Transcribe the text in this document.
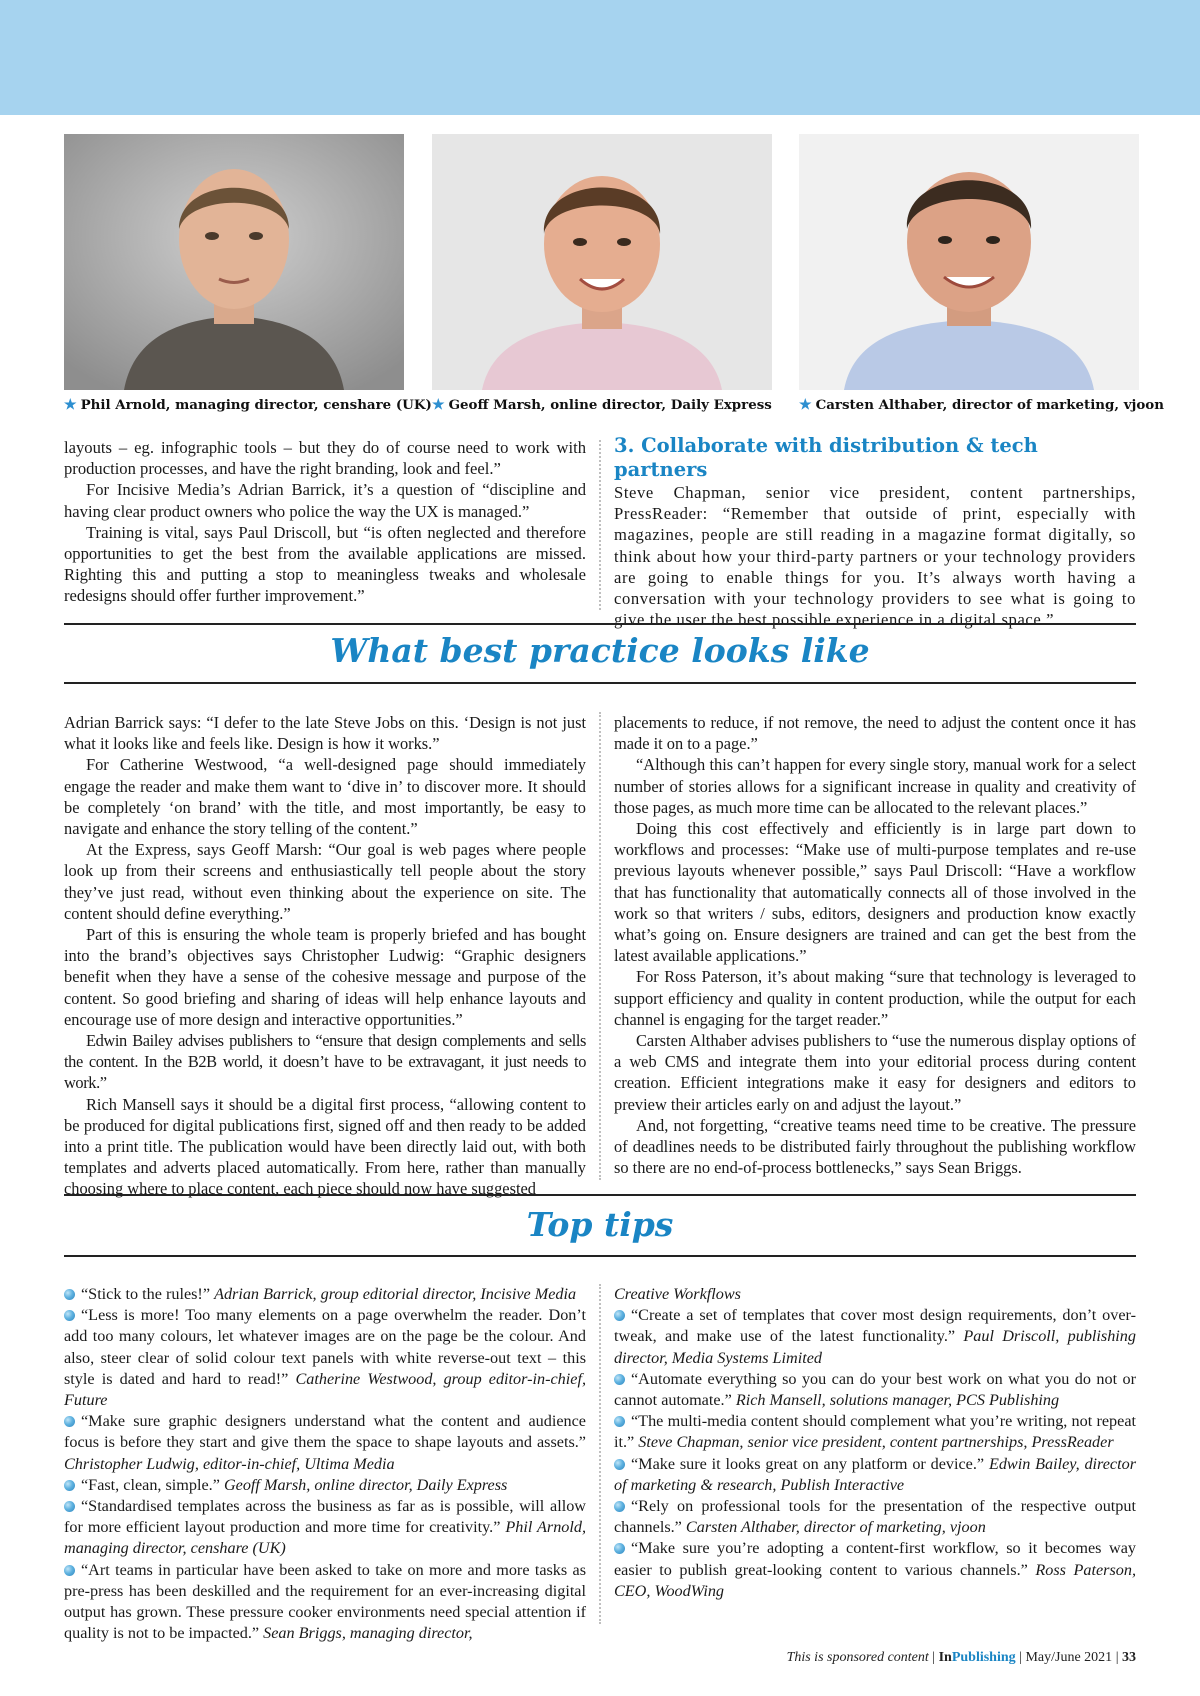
★ Phil Arnold, managing director, censhare (UK) ★ Geoff Marsh, online director, Daily Express ★ Carsten Althaber, director of marketing, vjoon

layouts – eg. infographic tools – but they do of course need to work with production processes, and have the right branding, look and feel.”

For Incisive Media’s Adrian Barrick, it’s a question of “discipline and having clear product owners who police the way the UX is managed.”

Training is vital, says Paul Driscoll, but “is often neglected and therefore opportunities to get the best from the available applications are missed. Righting this and putting a stop to meaningless tweaks and wholesale redesigns should offer further improvement.”

3. Collaborate with distribution & tech partners

Steve Chapman, senior vice president, content partnerships, PressReader: “Remember that outside of print, especially with magazines, people are still reading in a magazine format digitally, so think about how your third-party partners or your technology providers are going to enable things for you. It’s always worth having a conversation with your technology providers to see what is going to give the user the best possible experience in a digital space.”

What best practice looks like

Adrian Barrick says: “I defer to the late Steve Jobs on this. ‘Design is not just what it looks like and feels like. Design is how it works.”

For Catherine Westwood, “a well-designed page should immediately engage the reader and make them want to ‘dive in’ to discover more. It should be completely ‘on brand’ with the title, and most importantly, be easy to navigate and enhance the story telling of the content.”

At the Express, says Geoff Marsh: “Our goal is web pages where people look up from their screens and enthusiastically tell people about the story they’ve just read, without even thinking about the experience on site. The content should define everything.”

Part of this is ensuring the whole team is properly briefed and has bought into the brand’s objectives says Christopher Ludwig: “Graphic designers benefit when they have a sense of the cohesive message and purpose of the content. So good briefing and sharing of ideas will help enhance layouts and encourage use of more design and interactive opportunities.”

Edwin Bailey advises publishers to “ensure that design complements and sells the content. In the B2B world, it doesn’t have to be extravagant, it just needs to work.”

Rich Mansell says it should be a digital first process, “allowing content to be produced for digital publications first, signed off and then ready to be added into a print title. The publication would have been directly laid out, with both templates and adverts placed automatically. From here, rather than manually choosing where to place content, each piece should now have suggested

placements to reduce, if not remove, the need to adjust the content once it has made it on to a page.”

“Although this can’t happen for every single story, manual work for a select number of stories allows for a significant increase in quality and creativity of those pages, as much more time can be allocated to the relevant places.”

Doing this cost effectively and efficiently is in large part down to workflows and processes: “Make use of multi-purpose templates and re-use previous layouts whenever possible,” says Paul Driscoll: “Have a workflow that has functionality that automatically connects all of those involved in the work so that writers / subs, editors, designers and production know exactly what’s going on. Ensure designers are trained and can get the best from the latest available applications.”

For Ross Paterson, it’s about making “sure that technology is leveraged to support efficiency and quality in content production, while the output for each channel is engaging for the target reader.”

Carsten Althaber advises publishers to “use the numerous display options of a web CMS and integrate them into your editorial process during content creation. Efficient integrations make it easy for designers and editors to preview their articles early on and adjust the layout.”

And, not forgetting, “creative teams need time to be creative. The pressure of deadlines needs to be distributed fairly throughout the publishing workflow so there are no end-of-process bottlenecks,” says Sean Briggs.

Top tips

“Stick to the rules!” Adrian Barrick, group editorial director, Incisive Media

“Less is more! Too many elements on a page overwhelm the reader. Don’t add too many colours, let whatever images are on the page be the colour. And also, steer clear of solid colour text panels with white reverse-out text – this style is dated and hard to read!” Catherine Westwood, group editor-in-chief, Future

“Make sure graphic designers understand what the content and audience focus is before they start and give them the space to shape layouts and assets.” Christopher Ludwig, editor-in-chief, Ultima Media

“Fast, clean, simple.” Geoff Marsh, online director, Daily Express

“Standardised templates across the business as far as is possible, will allow for more efficient layout production and more time for creativity.” Phil Arnold, managing director, censhare (UK)

“Art teams in particular have been asked to take on more and more tasks as pre-press has been deskilled and the requirement for an ever-increasing digital output has grown. These pressure cooker environments need special attention if quality is not to be impacted.” Sean Briggs, managing director,

Creative Workflows

“Create a set of templates that cover most design requirements, don’t over-tweak, and make use of the latest functionality.” Paul Driscoll, publishing director, Media Systems Limited

“Automate everything so you can do your best work on what you do not or cannot automate.” Rich Mansell, solutions manager, PCS Publishing

“The multi-media content should complement what you’re writing, not repeat it.” Steve Chapman, senior vice president, content partnerships, PressReader

“Make sure it looks great on any platform or device.” Edwin Bailey, director of marketing & research, Publish Interactive

“Rely on professional tools for the presentation of the respective output channels.” Carsten Althaber, director of marketing, vjoon

“Make sure you’re adopting a content-first workflow, so it becomes way easier to publish great-looking content to various channels.” Ross Paterson, CEO, WoodWing

This is sponsored content | InPublishing | May/June 2021 | 33
